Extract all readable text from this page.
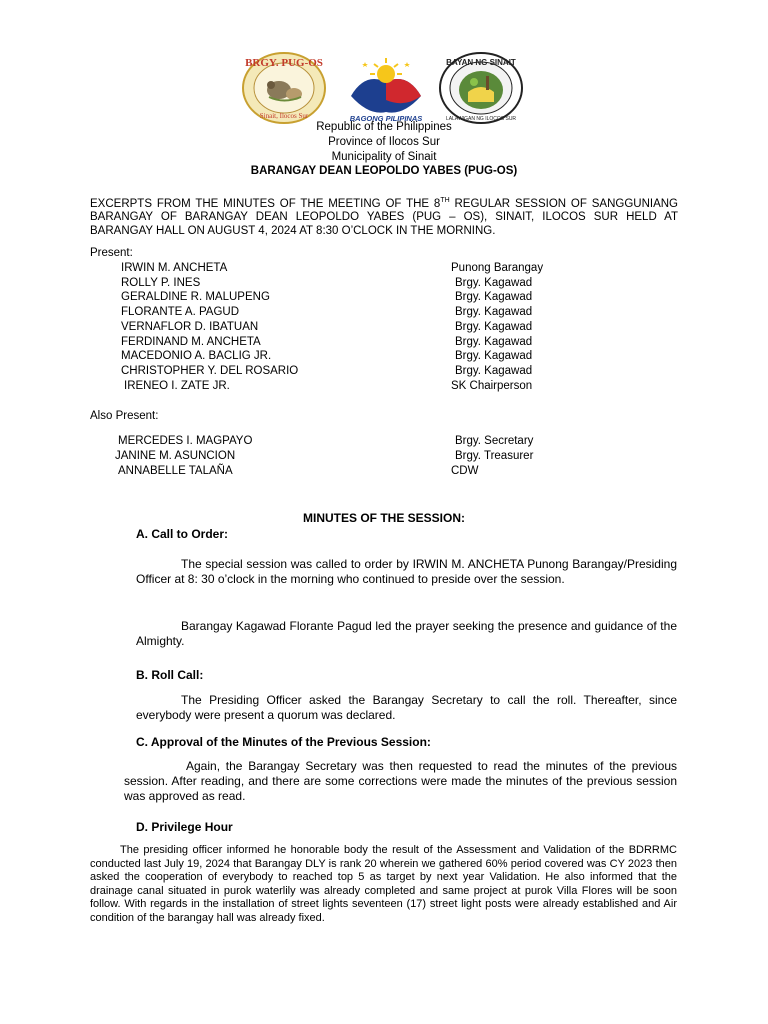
BRGY. PUG-OS
Sinait, Ilocos Sur	BAGONG PILIPINAS
BAYAN NG SINAIT
LALAWIGAN NG ILOCOS SUR
Republic of the Philippines
Province of Ilocos Sur
Municipality of Sinait
BARANGAY DEAN LEOPOLDO YABES (PUG-OS)
EXCERPTS FROM THE MINUTES OF THE MEETING OF THE 8TH REGULAR SESSION OF SANGGUNIANG BARANGAY OF BARANGAY DEAN LEOPOLDO YABES (PUG – OS), SINAIT, ILOCOS SUR HELD AT BARANGAY HALL ON AUGUST 4, 2024 AT 8:30 O’CLOCK IN THE MORNING.
Present:
IRWIN M. ANCHETA	Punong Barangay
ROLLY P. INES	Brgy. Kagawad
GERALDINE R. MALUPENG	Brgy. Kagawad
FLORANTE A. PAGUD	Brgy. Kagawad
VERNAFLOR D. IBATUAN	Brgy. Kagawad
FERDINAND M. ANCHETA	Brgy. Kagawad
MACEDONIO A. BACLIG JR.	Brgy. Kagawad
CHRISTOPHER Y. DEL ROSARIO	Brgy. Kagawad
IRENEO I. ZATE JR.	SK Chairperson
Also Present:
MERCEDES I. MAGPAYO	Brgy. Secretary
JANINE M. ASUNCION	Brgy. Treasurer
ANNABELLE TALAÑA	CDW
MINUTES OF THE SESSION:
A. Call to Order:
The special session was called to order by IRWIN M. ANCHETA Punong Barangay/Presiding Officer at 8: 30 o’clock in the morning who continued to preside over the session.
Barangay Kagawad Florante Pagud led the prayer seeking the presence and guidance of the Almighty.
B. Roll Call:
The Presiding Officer asked the Barangay Secretary to call the roll. Thereafter, since everybody were present a quorum was declared.
C. Approval of the Minutes of the Previous Session:
Again, the Barangay Secretary was then requested to read the minutes of the previous session. After reading, and there are some corrections were made the minutes of the previous session was approved as read.
D. Privilege Hour
The presiding officer informed he honorable body the result of the Assessment and Validation of the BDRRMC conducted last July 19, 2024 that Barangay DLY is rank 20 wherein we gathered 60% period covered was CY 2023 then asked the cooperation of everybody to reached top 5 as target by next year Validation. He also informed that the drainage canal situated in purok waterlily was already completed and same project at purok Villa Flores will be soon follow. With regards in the installation of street lights seventeen (17) street light posts were already established and Air condition of the barangay hall was already fixed.
